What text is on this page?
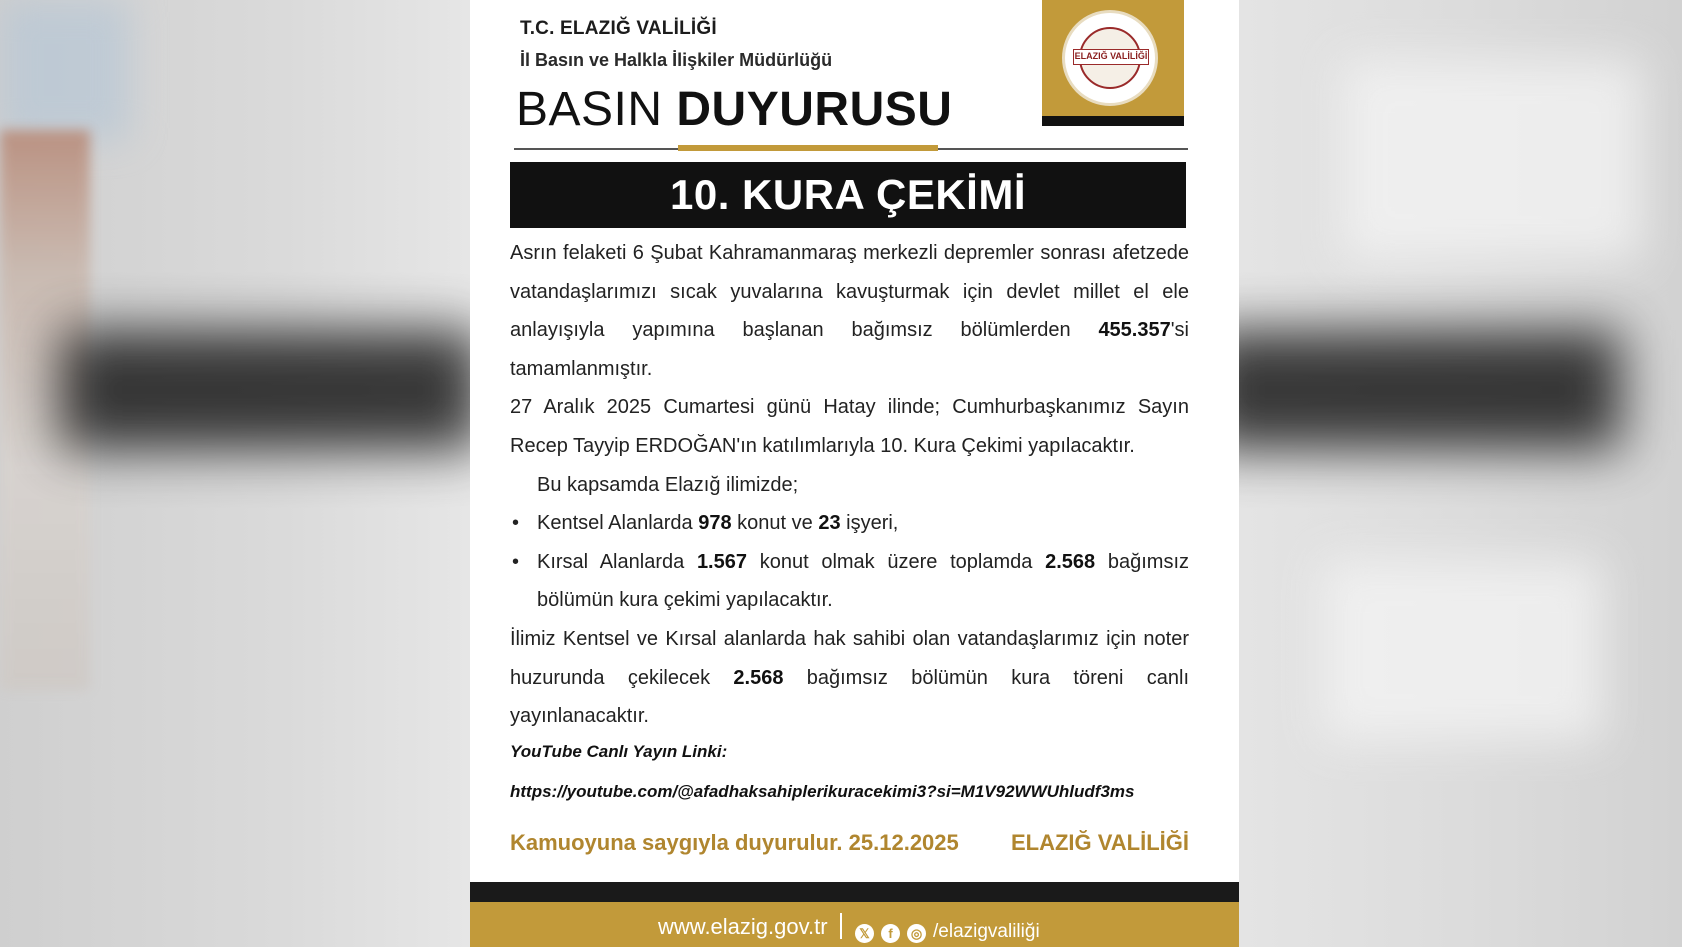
T.C. ELAZIĞ VALİLİĞİ
İl Basın ve Halkla İlişkiler Müdürlüğü
BASIN DUYURUSU
ELAZIĞ VALİLİĞİ
10. KURA ÇEKİMİ

Asrın felaketi 6 Şubat Kahramanmaraş merkezli depremler sonrası afetzede vatandaşlarımızı sıcak yuvalarına kavuşturmak için devlet millet el ele anlayışıyla yapımına başlanan bağımsız bölümlerden 455.357'si tamamlanmıştır.

27 Aralık 2025 Cumartesi günü Hatay ilinde; Cumhurbaşkanımız Sayın Recep Tayyip ERDOĞAN'ın katılımlarıyla 10. Kura Çekimi yapılacaktır.

Bu kapsamda Elazığ ilimizde;

• Kentsel Alanlarda 978 konut ve 23 işyeri,
• Kırsal Alanlarda 1.567 konut olmak üzere toplamda 2.568 bağımsız bölümün kura çekimi yapılacaktır.

İlimiz Kentsel ve Kırsal alanlarda hak sahibi olan vatandaşlarımız için noter huzurunda çekilecek 2.568 bağımsız bölümün kura töreni canlı yayınlanacaktır.

YouTube Canlı Yayın Linki:
https://youtube.com/@afadhaksahiplerikuracekimi3?si=M1V92WWUhludf3ms
Kamuoyuna saygıyla duyurulur. 25.12.2025 ELAZIĞ VALİLİĞİ
www.elazig.gov.tr	𝕏	f	◎ /elazigvaliliği
